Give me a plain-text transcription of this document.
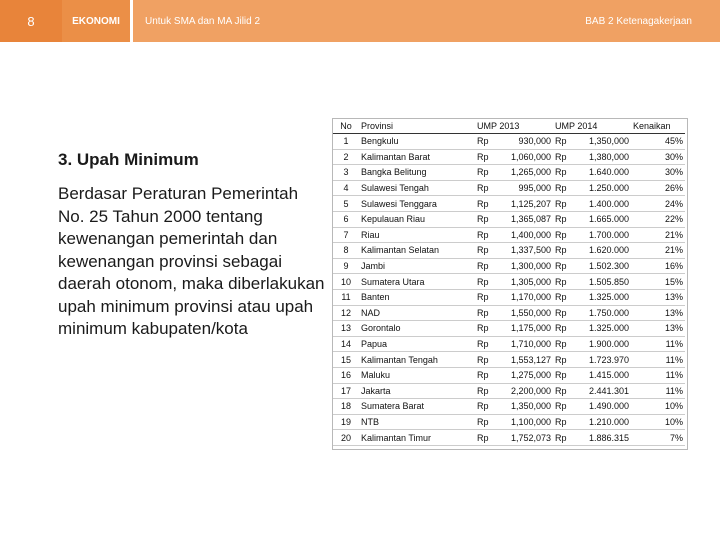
8	EKONOMI	Untuk SMA dan MA Jilid 2	BAB 2 Ketenagakerjaan
3. Upah Minimum
Berdasar Peraturan Pemerintah No. 25 Tahun 2000 tentang kewenangan pemerintah dan kewenangan provinsi sebagai daerah otonom, maka diberlakukan upah minimum provinsi atau upah minimum kabupaten/kota
No	Provinsi	UMP 2013		UMP 2014		Kenaikan
1	Bengkulu	Rp	930,000	Rp	1,350,000	45%
2	Kalimantan Barat	Rp	1,060,000	Rp	1,380,000	30%
3	Bangka Belitung	Rp	1,265,000	Rp	1.640.000	30%
4	Sulawesi Tengah	Rp	995,000	Rp	1.250.000	26%
5	Sulawesi Tenggara	Rp	1,125,207	Rp	1.400.000	24%
6	Kepulauan Riau	Rp	1,365,087	Rp	1.665.000	22%
7	Riau	Rp	1,400,000	Rp	1.700.000	21%
8	Kalimantan Selatan	Rp	1,337,500	Rp	1.620.000	21%
9	Jambi	Rp	1,300,000	Rp	1.502.300	16%
10	Sumatera Utara	Rp	1,305,000	Rp	1.505.850	15%
11	Banten	Rp	1,170,000	Rp	1.325.000	13%
12	NAD	Rp	1,550,000	Rp	1.750.000	13%
13	Gorontalo	Rp	1,175,000	Rp	1.325.000	13%
14	Papua	Rp	1,710,000	Rp	1.900.000	11%
15	Kalimantan Tengah	Rp	1,553,127	Rp	1.723.970	11%
16	Maluku	Rp	1,275,000	Rp	1.415.000	11%
17	Jakarta	Rp	2,200,000	Rp	2.441.301	11%
18	Sumatera Barat	Rp	1,350,000	Rp	1.490.000	10%
19	NTB	Rp	1,100,000	Rp	1.210.000	10%
20	Kalimantan Timur	Rp	1,752,073	Rp	1.886.315	7%
